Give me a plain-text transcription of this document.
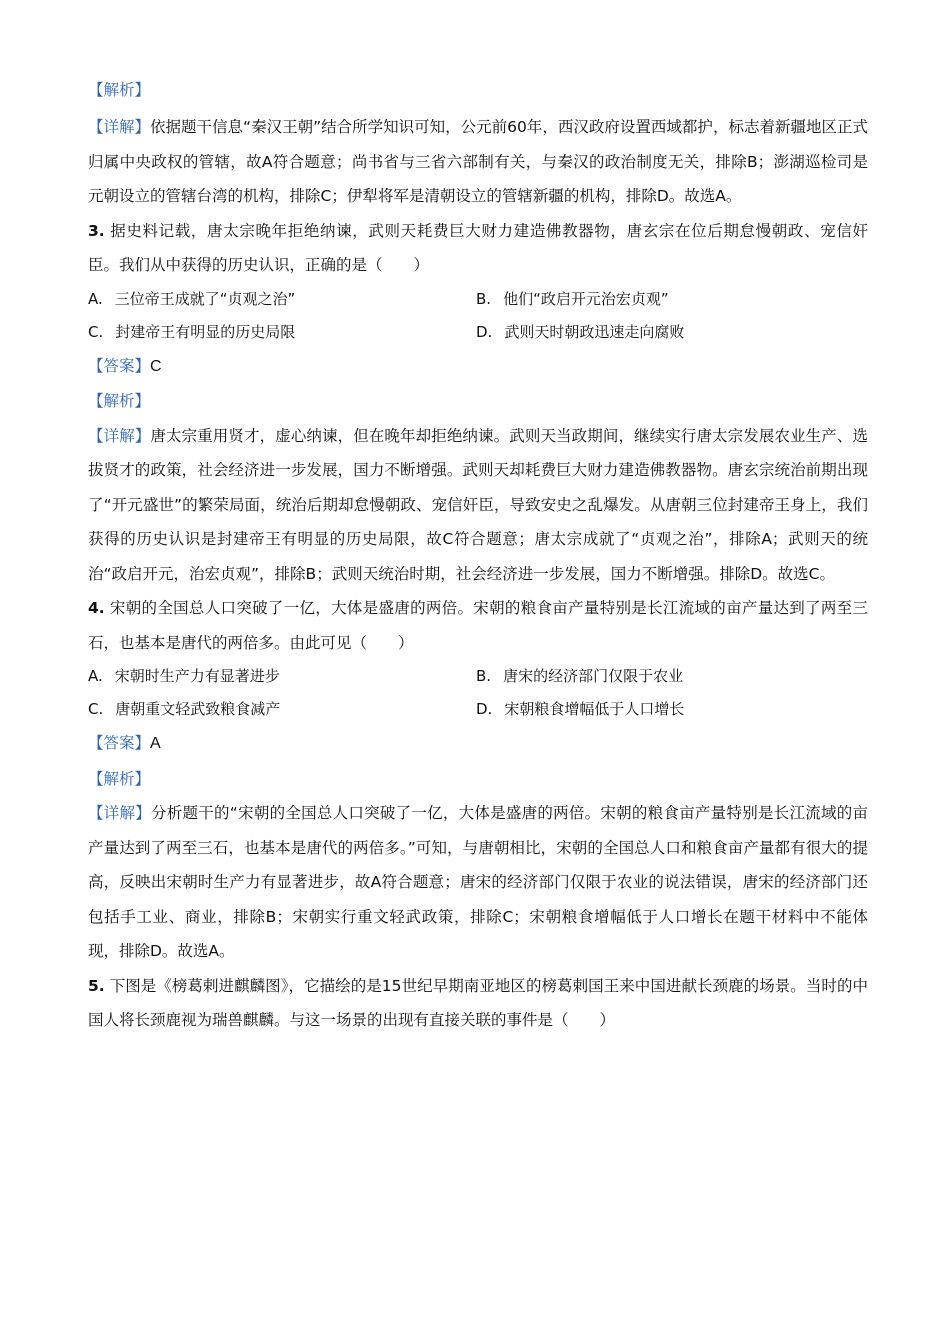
【解析】

【详解】依据题干信息“秦汉王朝”结合所学知识可知，公元前60年，西汉政府设置西域都护，标志着新疆地区正式归属中央政权的管辖，故A符合题意；尚书省与三省六部制有关，与秦汉的政治制度无关，排除B；澎湖巡检司是元朝设立的管辖台湾的机构，排除C；伊犁将军是清朝设立的管辖新疆的机构，排除D。故选A。

3. 据史料记载，唐太宗晚年拒绝纳谏，武则天耗费巨大财力建造佛教器物，唐玄宗在位后期怠慢朝政、宠信奸臣。我们从中获得的历史认识，正确的是（　　）

A. 三位帝王成就了“贞观之治”	B. 他们“政启开元治宏贞观”
C. 封建帝王有明显的历史局限	D. 武则天时朝政迅速走向腐败

【答案】C

【解析】

【详解】唐太宗重用贤才，虚心纳谏，但在晚年却拒绝纳谏。武则天当政期间，继续实行唐太宗发展农业生产、选拔贤才的政策，社会经济进一步发展，国力不断增强。武则天却耗费巨大财力建造佛教器物。唐玄宗统治前期出现了“开元盛世”的繁荣局面，统治后期却怠慢朝政、宠信奸臣，导致安史之乱爆发。从唐朝三位封建帝王身上，我们获得的历史认识是封建帝王有明显的历史局限，故C符合题意；唐太宗成就了“贞观之治”，排除A；武则天的统治“政启开元，治宏贞观”，排除B；武则天统治时期，社会经济进一步发展，国力不断增强。排除D。故选C。

4. 宋朝的全国总人口突破了一亿，大体是盛唐的两倍。宋朝的粮食亩产量特别是长江流域的亩产量达到了两至三石，也基本是唐代的两倍多。由此可见（　　）

A. 宋朝时生产力有显著进步	B. 唐宋的经济部门仅限于农业
C. 唐朝重文轻武致粮食减产	D. 宋朝粮食增幅低于人口增长

【答案】A

【解析】

【详解】分析题干的“宋朝的全国总人口突破了一亿，大体是盛唐的两倍。宋朝的粮食亩产量特别是长江流域的亩产量达到了两至三石，也基本是唐代的两倍多。”可知，与唐朝相比，宋朝的全国总人口和粮食亩产量都有很大的提高，反映出宋朝时生产力有显著进步，故A符合题意；唐宋的经济部门仅限于农业的说法错误，唐宋的经济部门还包括手工业、商业，排除B；宋朝实行重文轻武政策，排除C；宋朝粮食增幅低于人口增长在题干材料中不能体现，排除D。故选A。

5. 下图是《榜葛剌进麒麟图》，它描绘的是15世纪早期南亚地区的榜葛剌国王来中国进献长颈鹿的场景。当时的中国人将长颈鹿视为瑞兽麒麟。与这一场景的出现有直接关联的事件是（　　）
